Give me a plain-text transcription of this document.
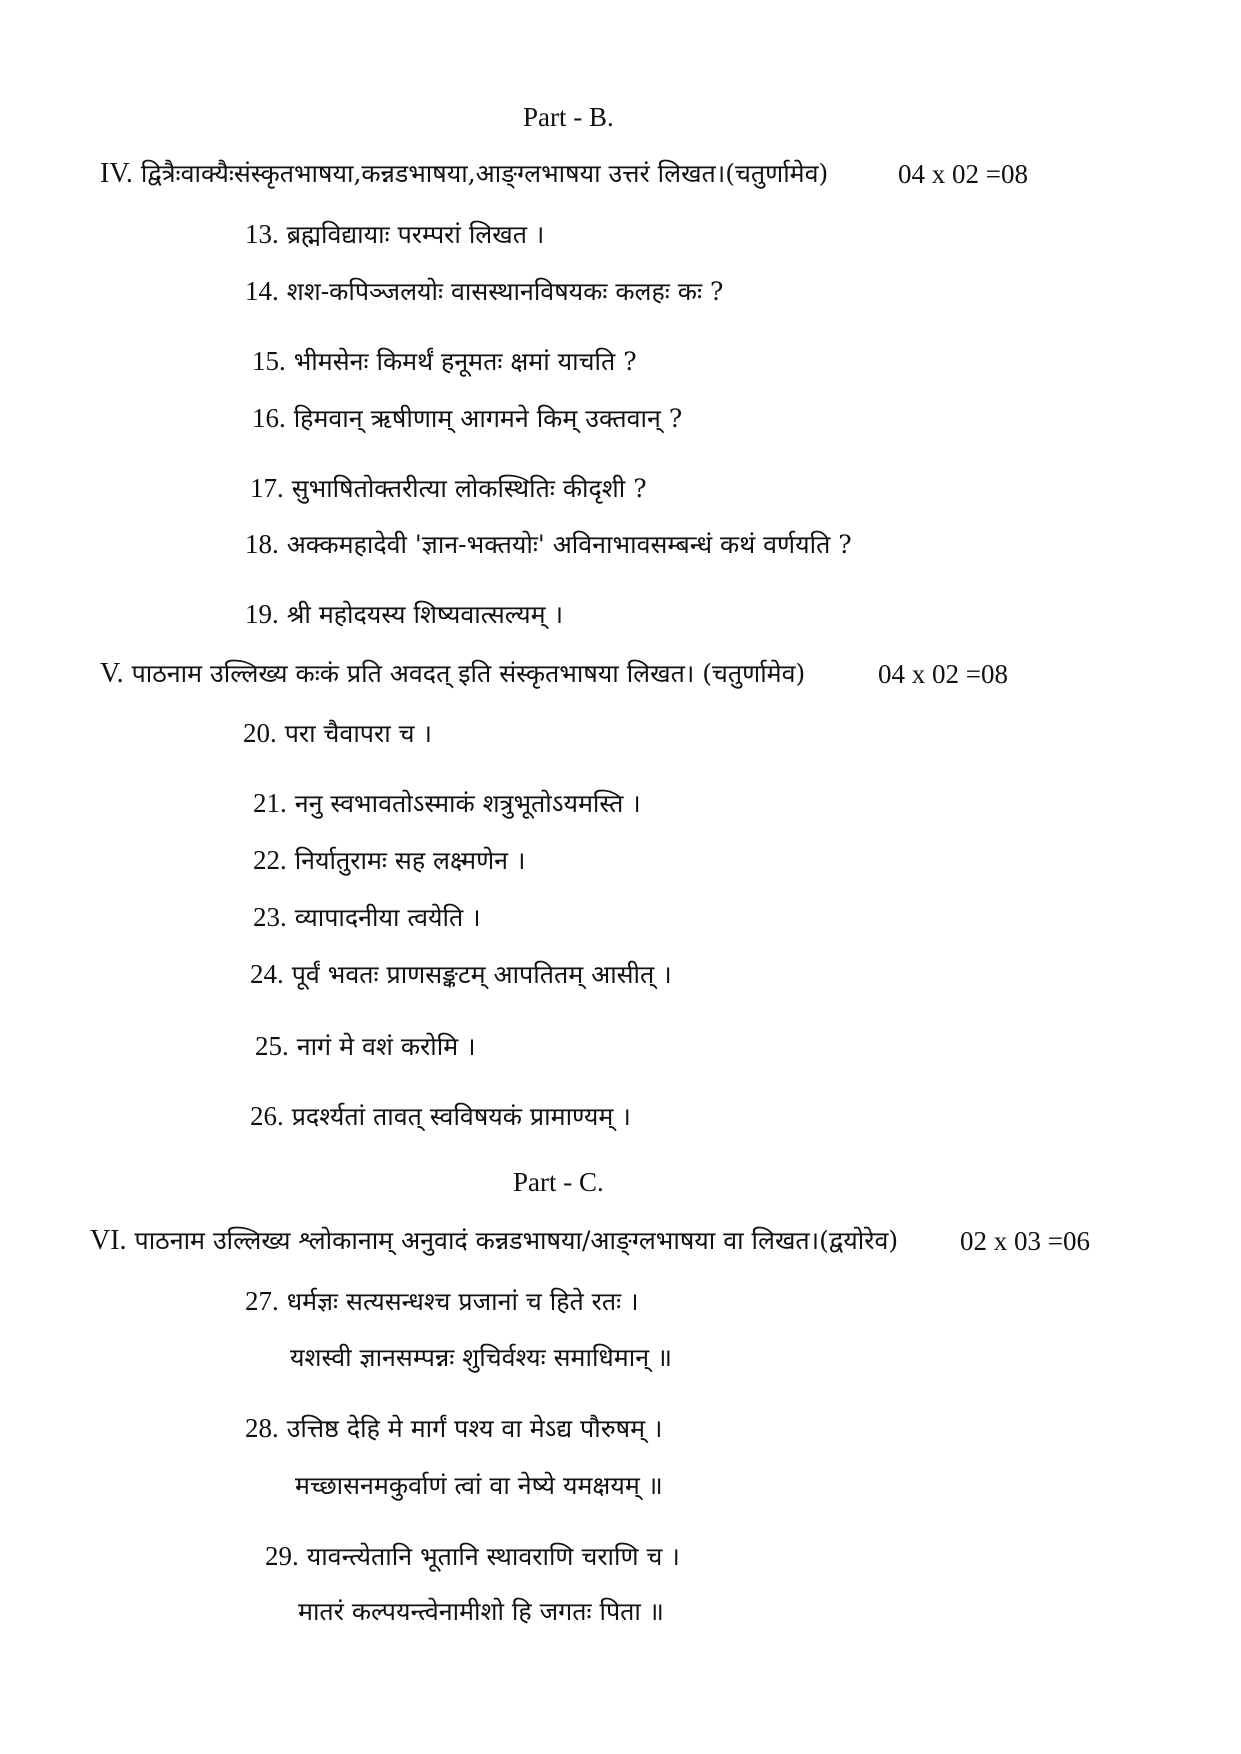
Part - B.
IV. द्वित्रैःवाक्यैःसंस्कृतभाषया,कन्नडभाषया,आङ्ग्लभाषया उत्तरं लिखत।(चतुर्णामेव)	04 x 02 =08
13. ब्रह्मविद्यायाः परम्परां लिखत ।
14. शश-कपिञ्जलयोः वासस्थानविषयकः कलहः कः ?
15. भीमसेनः किमर्थं हनूमतः क्षमां याचति ?
16. हिमवान् ऋषीणाम् आगमने किम् उक्तवान् ?
17. सुभाषितोक्तरीत्या लोकस्थितिः कीदृशी ?
18. अक्कमहादेवी 'ज्ञान-भक्तयोः' अविनाभावसम्बन्धं कथं वर्णयति ?
19. श्री महोदयस्य शिष्यवात्सल्यम् ।
V. पाठनाम उल्लिख्य कःकं प्रति अवदत् इति संस्कृतभाषया लिखत। (चतुर्णामेव)	04 x 02 =08
20. परा चैवापरा च ।
21. ननु स्वभावतोऽस्माकं शत्रुभूतोऽयमस्ति ।
22. निर्यातुरामः सह लक्ष्मणेन ।
23. व्यापादनीया त्वयेति ।
24. पूर्वं भवतः प्राणसङ्कटम् आपतितम् आसीत् ।
25. नागं मे वशं करोमि ।
26. प्रदर्श्यतां तावत् स्वविषयकं प्रामाण्यम् ।
Part - C.
VI. पाठनाम उल्लिख्य श्लोकानाम् अनुवादं कन्नडभाषया/आङ्ग्लभाषया वा लिखत।(द्वयोरेव) 02 x 03 =06
27. धर्मज्ञः सत्यसन्धश्च प्रजानां च हिते रतः ।
यशस्वी ज्ञानसम्पन्नः शुचिर्वश्यः समाधिमान् ॥
28. उत्तिष्ठ देहि मे मार्गं पश्य वा मेऽद्य पौरुषम् ।
मच्छासनमकुर्वाणं त्वां वा नेष्ये यमक्षयम् ॥
29. यावन्त्येतानि भूतानि स्थावराणि चराणि च ।
मातरं कल्पयन्त्वेनामीशो हि जगतः पिता ॥
